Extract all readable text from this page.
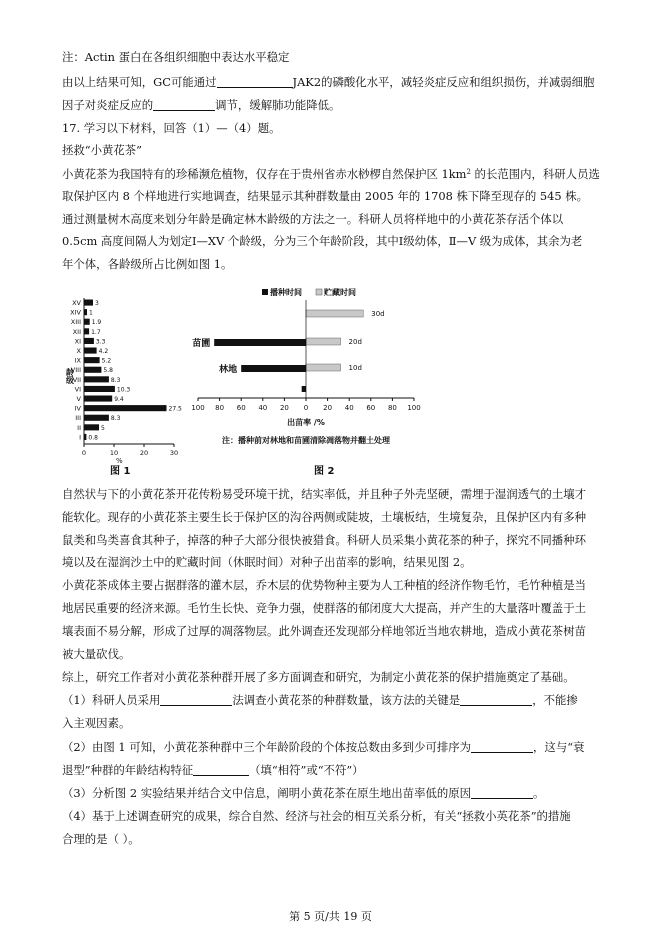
注：Actin 蛋白在各组织细胞中表达水平稳定
由以上结果可知，GC可能通过	JAK2的磷酸化水平，减轻炎症反应和组织损伤，并减弱细胞
因子对炎症反应的	调节，缓解肺功能降低。
17. 学习以下材料，回答（1）—（4）题。
拯救“小黄花茶”
小黄花茶为我国特有的珍稀濒危植物，仅存在于贵州省赤水桫椤自然保护区 $1km^2$ 的长范围内，科研人员选
取保护区内 8 个样地进行实地调查，结果显示其种群数量由 2005 年的 1708 株下降至现存的 545 株。
通过测量树木高度来划分年龄是确定林木龄级的方法之一。科研人员将样地中的小黄花茶存活个体以
0.5cm 高度间隔人为划定Ⅰ—XV 个龄级，分为三个年龄阶段，其中Ⅰ级幼体，Ⅱ—V 级为成体，其余为老
年个体，各龄级所占比例如图 1。
XV 3
XIV 1
XIII 1.9
XII 1.7
XI 3.3
X	4.2
IX	5.2
VIII	5.8
VII	8.3
VI	10.3
V	9.4
IV	27.5
III	8.3
II	5
I 0.8
0	10	20	30
%
龄级
图 1
播种时间	贮藏时间
30d
20d
10d
苗圃
林地
100 80 60 40 20 0 20 40 60 80 100
出苗率 /%
注：播种前对林地和苗圃清除凋落物并翻土处理
图 2
自然状与下的小黄花茶开花传粉易受环境干扰，结实率低，并且种子外壳坚硬，需埋于湿润透气的土壤才
能软化。现存的小黄花茶主要生长于保护区的沟谷两侧或陡坡，土壤板结，生境复杂，且保护区内有多种
鼠类和鸟类喜食其种子，掉落的种子大部分很快被猎食。科研人员采集小黄花茶的种子，探究不同播种环
境以及在湿润沙土中的贮藏时间（休眠时间）对种子出苗率的影响，结果见图 2。
小黄花茶成体主要占据群落的灌木层，乔木层的优势物种主要为人工种植的经济作物毛竹，毛竹种植是当
地居民重要的经济来源。毛竹生长快、竞争力强，使群落的郁闭度大大提高，并产生的大量落叶覆盖于土
壤表面不易分解，形成了过厚的凋落物层。此外调查还发现部分样地邻近当地农耕地，造成小黄花茶树苗
被大量砍伐。
综上，研究工作者对小黄花茶种群开展了多方面调查和研究，为制定小黄花茶的保护措施奠定了基础。
（1）科研人员采用	法调查小黄花茶的种群数量，该方法的关键是	，不能掺
入主观因素。
（2）由图 1 可知，小黄花茶种群中三个年龄阶段的个体按总数由多到少可排序为	，这与“衰
退型”种群的年龄结构特征	（填“相符”或“不符”）
（3）分析图 2 实验结果并结合文中信息，阐明小黄花茶在原生地出苗率低的原因	。
（4）基于上述调查研究的成果，综合自然、经济与社会的相互关系分析，有关“拯救小英花茶”的措施
合理的是（ ）。
第 5 页/共 19 页
